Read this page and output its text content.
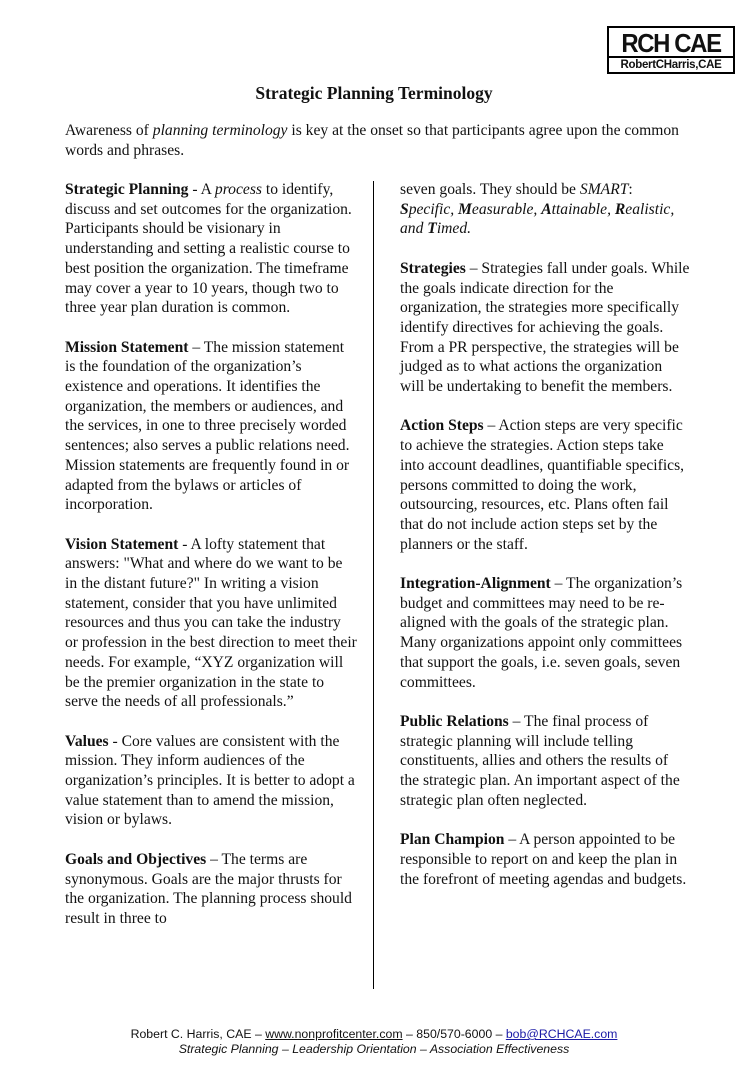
RCH CAE
RobertCHarris,CAE
Strategic Planning Terminology

Awareness of planning terminology is key at the onset so that participants agree upon the common words and phrases.

Strategic Planning - A process to identify, discuss and set outcomes for the organization. Participants should be visionary in understanding and setting a realistic course to best position the organization. The timeframe may cover a year to 10 years, though two to three year plan duration is common.

Mission Statement – The mission statement is the foundation of the organization’s existence and operations. It identifies the organization, the members or audiences, and the services, in one to three precisely worded sentences; also serves a public relations need. Mission statements are frequently found in or adapted from the bylaws or articles of incorporation.

Vision Statement - A lofty statement that answers: "What and where do we want to be in the distant future?" In writing a vision statement, consider that you have unlimited resources and thus you can take the industry or profession in the best direction to meet their needs. For example, “XYZ organization will be the premier organization in the state to serve the needs of all professionals.”

Values - Core values are consistent with the mission. They inform audiences of the organization’s principles. It is better to adopt a value statement than to amend the mission, vision or bylaws.

Goals and Objectives – The terms are synonymous. Goals are the major thrusts for the organization. The planning process should result in three to

seven goals. They should be SMART: Specific, Measurable, Attainable, Realistic, and Timed.

Strategies – Strategies fall under goals. While the goals indicate direction for the organization, the strategies more specifically identify directives for achieving the goals. From a PR perspective, the strategies will be judged as to what actions the organization will be undertaking to benefit the members.

Action Steps – Action steps are very specific to achieve the strategies. Action steps take into account deadlines, quantifiable specifics, persons committed to doing the work, outsourcing, resources, etc. Plans often fail that do not include action steps set by the planners or the staff.

Integration-Alignment – The organization’s budget and committees may need to be re-aligned with the goals of the strategic plan. Many organizations appoint only committees that support the goals, i.e. seven goals, seven committees.

Public Relations – The final process of strategic planning will include telling constituents, allies and others the results of the strategic plan. An important aspect of the strategic plan often neglected.

Plan Champion – A person appointed to be responsible to report on and keep the plan in the forefront of meeting agendas and budgets.

Robert C. Harris, CAE – www.nonprofitcenter.com – 850/570-6000 – bob@RCHCAE.com
Strategic Planning – Leadership Orientation – Association Effectiveness
